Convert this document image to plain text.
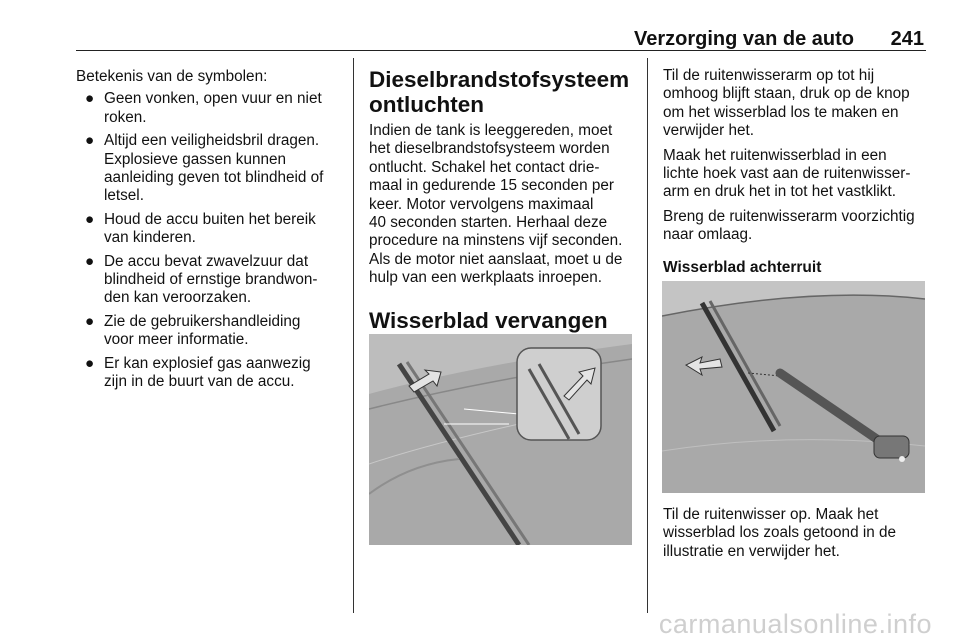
Verzorging van de auto 241

Betekenis van de symbolen:

● Geen vonken, open vuur en niet
roken.
● Altijd een veiligheidsbril dragen.
Explosieve gassen kunnen
aanleiding geven tot blindheid of
letsel.
● Houd de accu buiten het bereik
van kinderen.
● De accu bevat zwavelzuur dat
blindheid of ernstige brandwon-
den kan veroorzaken.
● Zie de gebruikershandleiding
voor meer informatie.
● Er kan explosief gas aanwezig
zijn in de buurt van de accu.
Dieselbrandstofsysteem
ontluchten
Indien de tank is leeggereden, moet
het dieselbrandstofsysteem worden
ontlucht. Schakel het contact drie-
maal in gedurende 15 seconden per
keer. Motor vervolgens maximaal
40 seconden starten. Herhaal deze
procedure na minstens vijf seconden.
Als de motor niet aanslaat, moet u de
hulp van een werkplaats inroepen.
Wisserblad vervangen
Til de ruitenwisserarm op tot hij
omhoog blijft staan, druk op de knop
om het wisserblad los te maken en
verwijder het.
Maak het ruitenwisserblad in een
lichte hoek vast aan de ruitenwisser-
arm en druk het in tot het vastklikt.
Breng de ruitenwisserarm voorzichtig
naar omlaag.
Wisserblad achterruit
Til de ruitenwisser op. Maak het
wisserblad los zoals getoond in de
illustratie en verwijder het.
carmanualsonline.info
